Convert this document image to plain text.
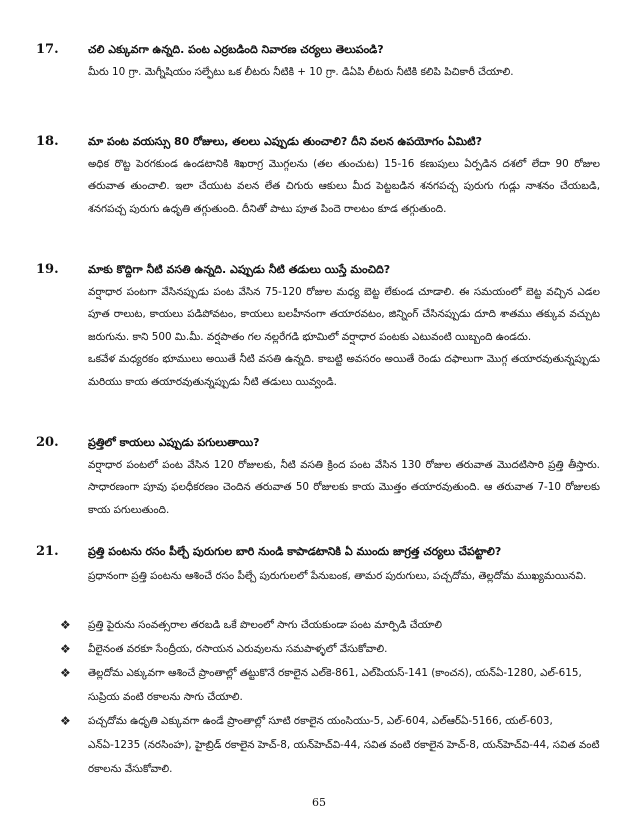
17.	చలి ఎక్కువగా ఉన్నది. పంట ఎర్రబడింది నివారణ చర్యలు తెలుపండి?

మీరు 10 గ్రా. మెగ్నీషియం సల్ఫేటు ఒక లీటరు నీటికి + 10 గ్రా. డిఏపి లీటరు నీటికి కలిపి పిచికారీ చేయాలి.

18.	మా పంట వయస్సు 80 రోజులు, తలలు ఎప్పుడు తుంచాలి? దీని వలన ఉపయోగం ఏమిటి?

అధిక రొట్ట పెరగకుండ ఉండటానికి శిఖరాగ్ర మొగ్గలను (తల తుంచుట) 15-16 కణుపులు ఏర్పడిన దశలో లేదా 90 రోజుల తరువాత తుంచాలి. ఇలా చేయుట వలన లేత చిగురు ఆకులు మీద పెట్టబడిన శనగపచ్చ పురుగు గుడ్లు నాశనం చేయబడి, శనగపచ్చ పురుగు ఉధృతి తగ్గుతుంది. దీనితో పాటు పూత పిందె రాలటం కూడ తగ్గుతుంది.

19.	మాకు కొద్దిగా నీటి వసతి ఉన్నది. ఎప్పుడు నీటి తడులు యిస్తే మంచిది?

వర్షాధార పంటగా వేసినప్పుడు పంట వేసిన 75-120 రోజుల మధ్య బెట్ట లేకుండ చూడాలి. ఈ సమయంలో బెట్ట వచ్చిన ఎడల పూత రాలుట, కాయలు పడిపోవటం, కాయలు బలహీనంగా తయారవటం, జిన్నింగ్ చేసినప్పుడు దూది శాతము తక్కువ వచ్చుట జరుగును. కాని 500 మి.మీ. వర్షపాతం గల నల్లరేగడి భూమిలో వర్షాధార పంటకు ఎటువంటి యిబ్బంది ఉండదు.

ఒకవేళ మధ్యరకం భూములు అయితే నీటి వసతి ఉన్నది. కాబట్టి అవసరం అయితే రెండు దఫాలుగా మొగ్గ తయారవుతున్నప్పుడు మరియు కాయ తయారవుతున్నప్పుడు నీటి తడులు యివ్వండి.

20.	ప్రత్తిలో కాయలు ఎప్పుడు పగులుతాయి?

వర్షాధార పంటలో పంట వేసిన 120 రోజులకు, నీటి వసతి క్రింద పంట వేసిన 130 రోజుల తరువాత మొదటిసారి ప్రత్తి తీస్తారు. సాధారణంగా పూవు ఫలధీకరణం చెందిన తరువాత 50 రోజులకు కాయ మొత్తం తయారవుతుంది. ఆ తరువాత 7-10 రోజులకు కాయ పగులుతుంది.

21.	ప్రత్తి పంటను రసం పీల్చే పురుగుల బారి నుండి కాపాడటానికి ఏ ముందు జాగ్రత్త చర్యలు చేపట్టాలి?

ప్రధానంగా ప్రత్తి పంటను ఆశించే రసం పీల్చే పురుగులలో పేనుబంక, తామర పురుగులు, పచ్చదోమ, తెల్లదోమ ముఖ్యమయినవి.

❖ ప్రత్తి పైరును సంవత్సరాల తరబడి ఒకే పొలంలో సాగు చేయకుండా పంట మార్పిడి చేయాలి
❖ వీలైనంత వరకూ సేంద్రీయ, రసాయన ఎరువులను సమపాళ్ళలో వేసుకోవాలి.
❖ తెల్లదోమ ఎక్కువగా ఆశించే ప్రాంతాల్లో తట్టుకొనే రకాలైన ఎల్‌కె-861, ఎల్‌పియస్-141 (కాంచన), యన్‌ఏ-1280, ఎల్-615, సుప్రియ వంటి రకాలను సాగు చేయాలి.
❖ పచ్చదోమ ఉధృతి ఎక్కువగా ఉండే ప్రాంతాల్లో సూటి రకాలైన యంసియు-5, ఎల్-604, ఎల్‌ఆర్‌ఏ-5166, యల్-603, ఎన్ఏ-1235 (నరసింహ), హైబ్రిడ్ రకాలైన హెచ్-8, యన్‌హెచ్‌వి-44, సవిత వంటి రకాలైన హెచ్-8, యన్‌హెచ్‌వి-44, సవిత వంటి రకాలను వేసుకోవాలి.
65
